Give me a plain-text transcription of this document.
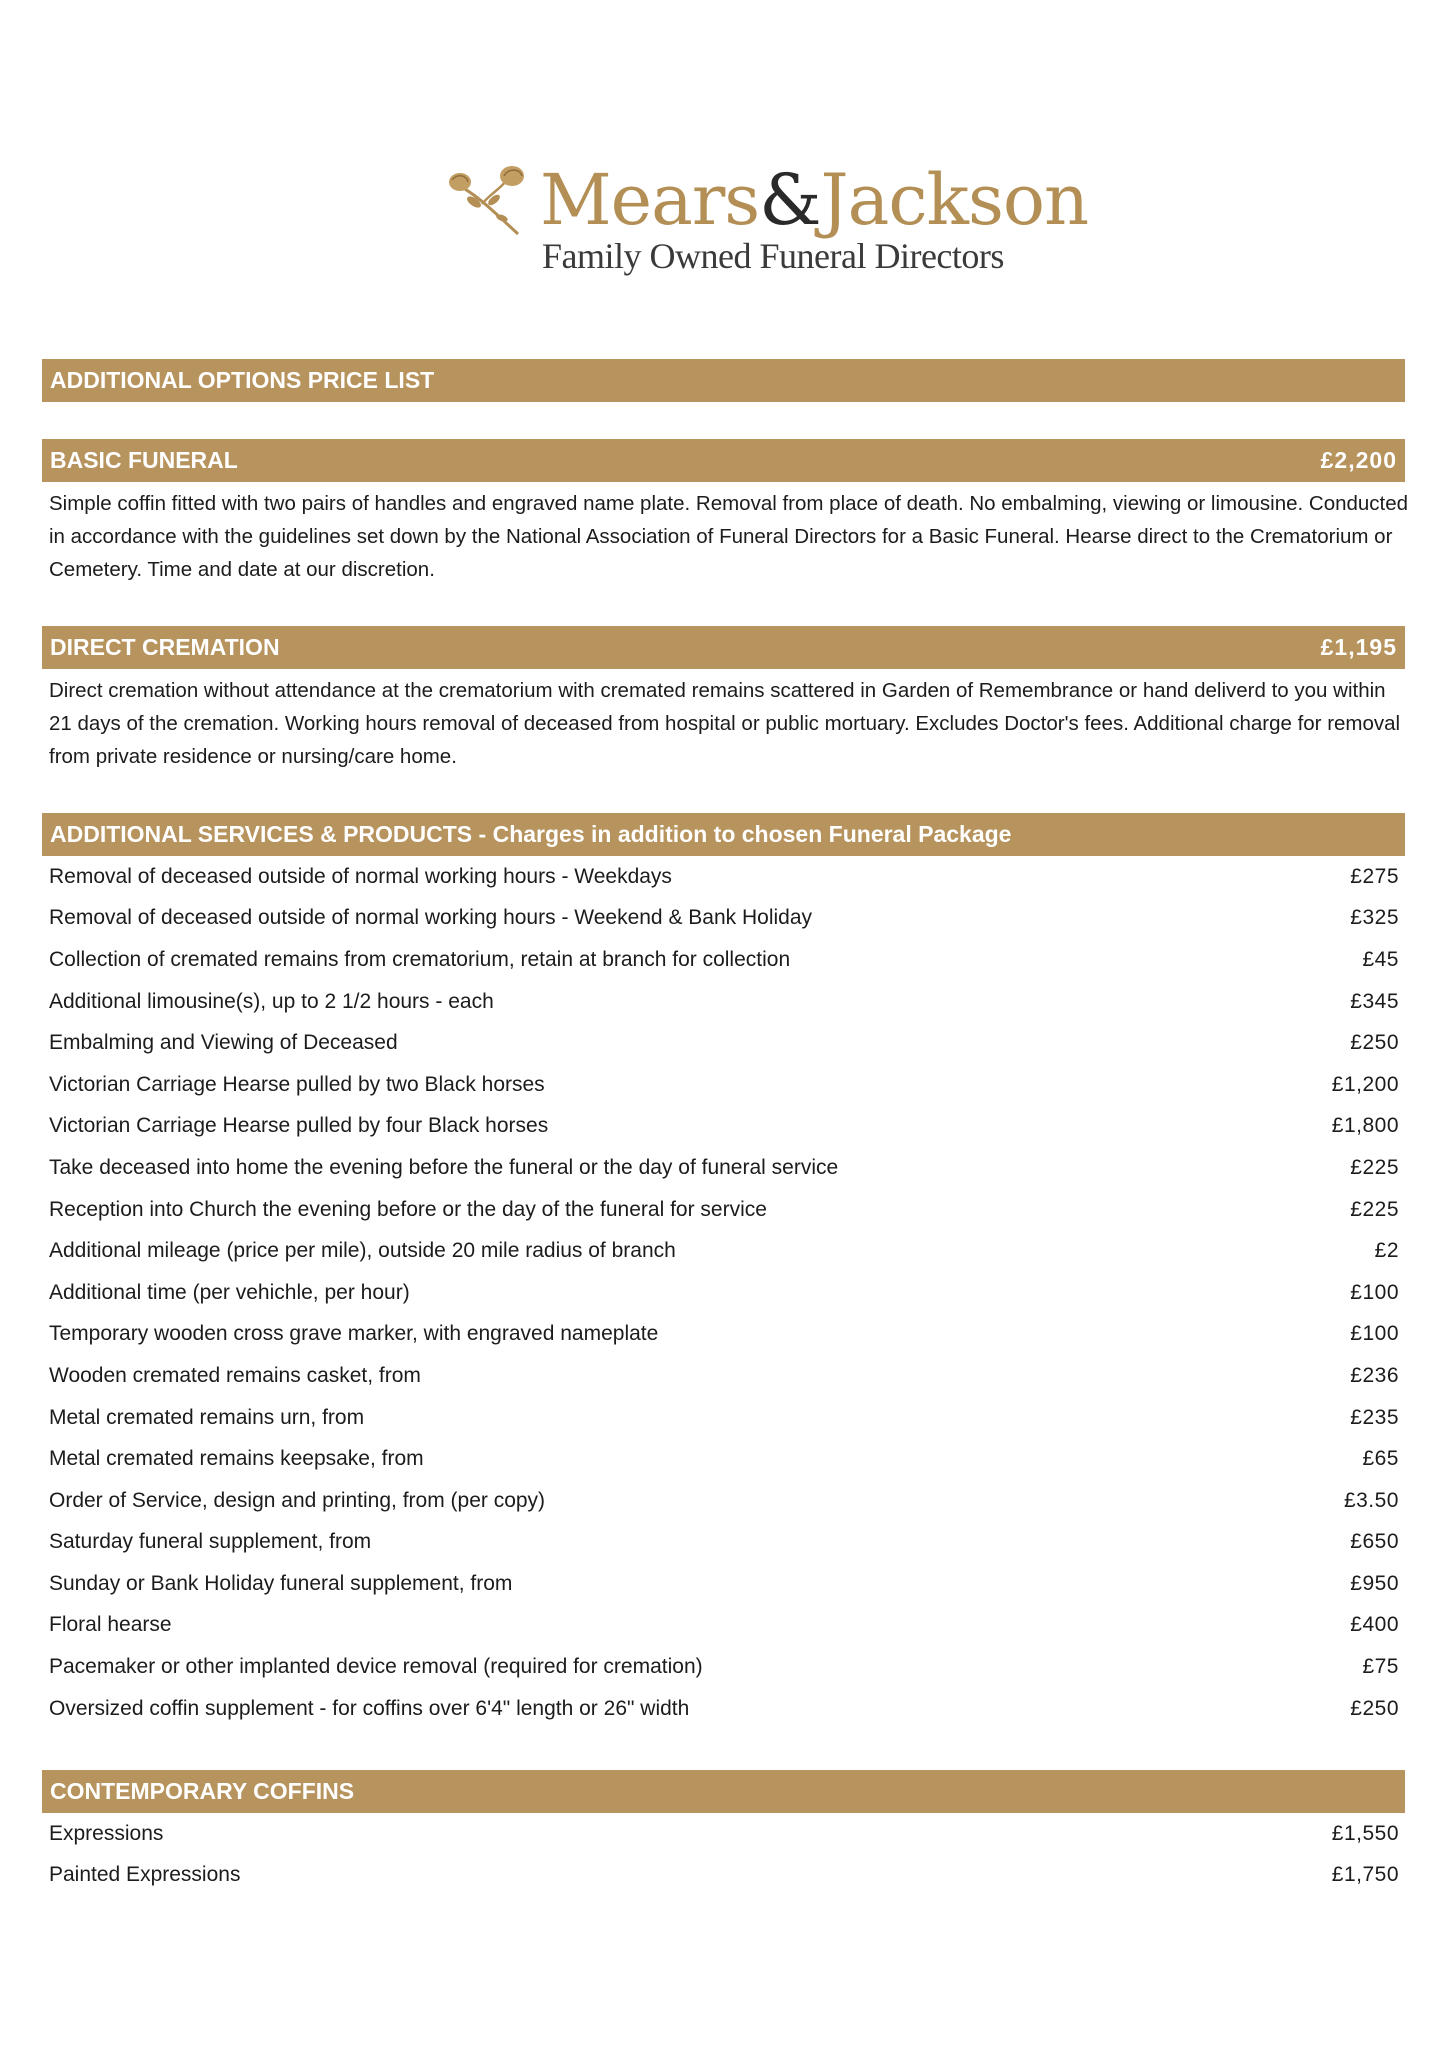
Mears&Jackson
Family Owned Funeral Directors
ADDITIONAL OPTIONS PRICE LIST
BASIC FUNERAL	£2,200
Simple coffin fitted with two pairs of handles and engraved name plate. Removal from place of death. No embalming, viewing or limousine. Conducted in accordance with the guidelines set down by the National Association of Funeral Directors for a Basic Funeral. Hearse direct to the Crematorium or Cemetery. Time and date at our discretion.
DIRECT CREMATION	£1,195
Direct cremation without attendance at the crematorium with cremated remains scattered in Garden of Remembrance or hand deliverd to you within 21 days of the cremation. Working hours removal of deceased from hospital or public mortuary. Excludes Doctor's fees. Additional charge for removal from private residence or nursing/care home.
ADDITIONAL SERVICES & PRODUCTS - Charges in addition to chosen Funeral Package
Removal of deceased outside of normal working hours - Weekdays	£275
Removal of deceased outside of normal working hours - Weekend & Bank Holiday	£325
Collection of cremated remains from crematorium, retain at branch for collection	£45
Additional limousine(s), up to 2 1/2 hours - each	£345
Embalming and Viewing of Deceased	£250
Victorian Carriage Hearse pulled by two Black horses	£1,200
Victorian Carriage Hearse pulled by four Black horses	£1,800
Take deceased into home the evening before the funeral or the day of funeral service	£225
Reception into Church the evening before or the day of the funeral for service	£225
Additional mileage (price per mile), outside 20 mile radius of branch	£2
Additional time (per vehichle, per hour)	£100
Temporary wooden cross grave marker, with engraved nameplate	£100
Wooden cremated remains casket, from	£236
Metal cremated remains urn, from	£235
Metal cremated remains keepsake, from	£65
Order of Service, design and printing, from (per copy)	£3.50
Saturday funeral supplement, from	£650
Sunday or Bank Holiday funeral supplement, from	£950
Floral hearse	£400
Pacemaker or other implanted device removal (required for cremation)	£75
Oversized coffin supplement - for coffins over 6'4" length or 26" width	£250
CONTEMPORARY COFFINS
Expressions	£1,550
Painted Expressions	£1,750
